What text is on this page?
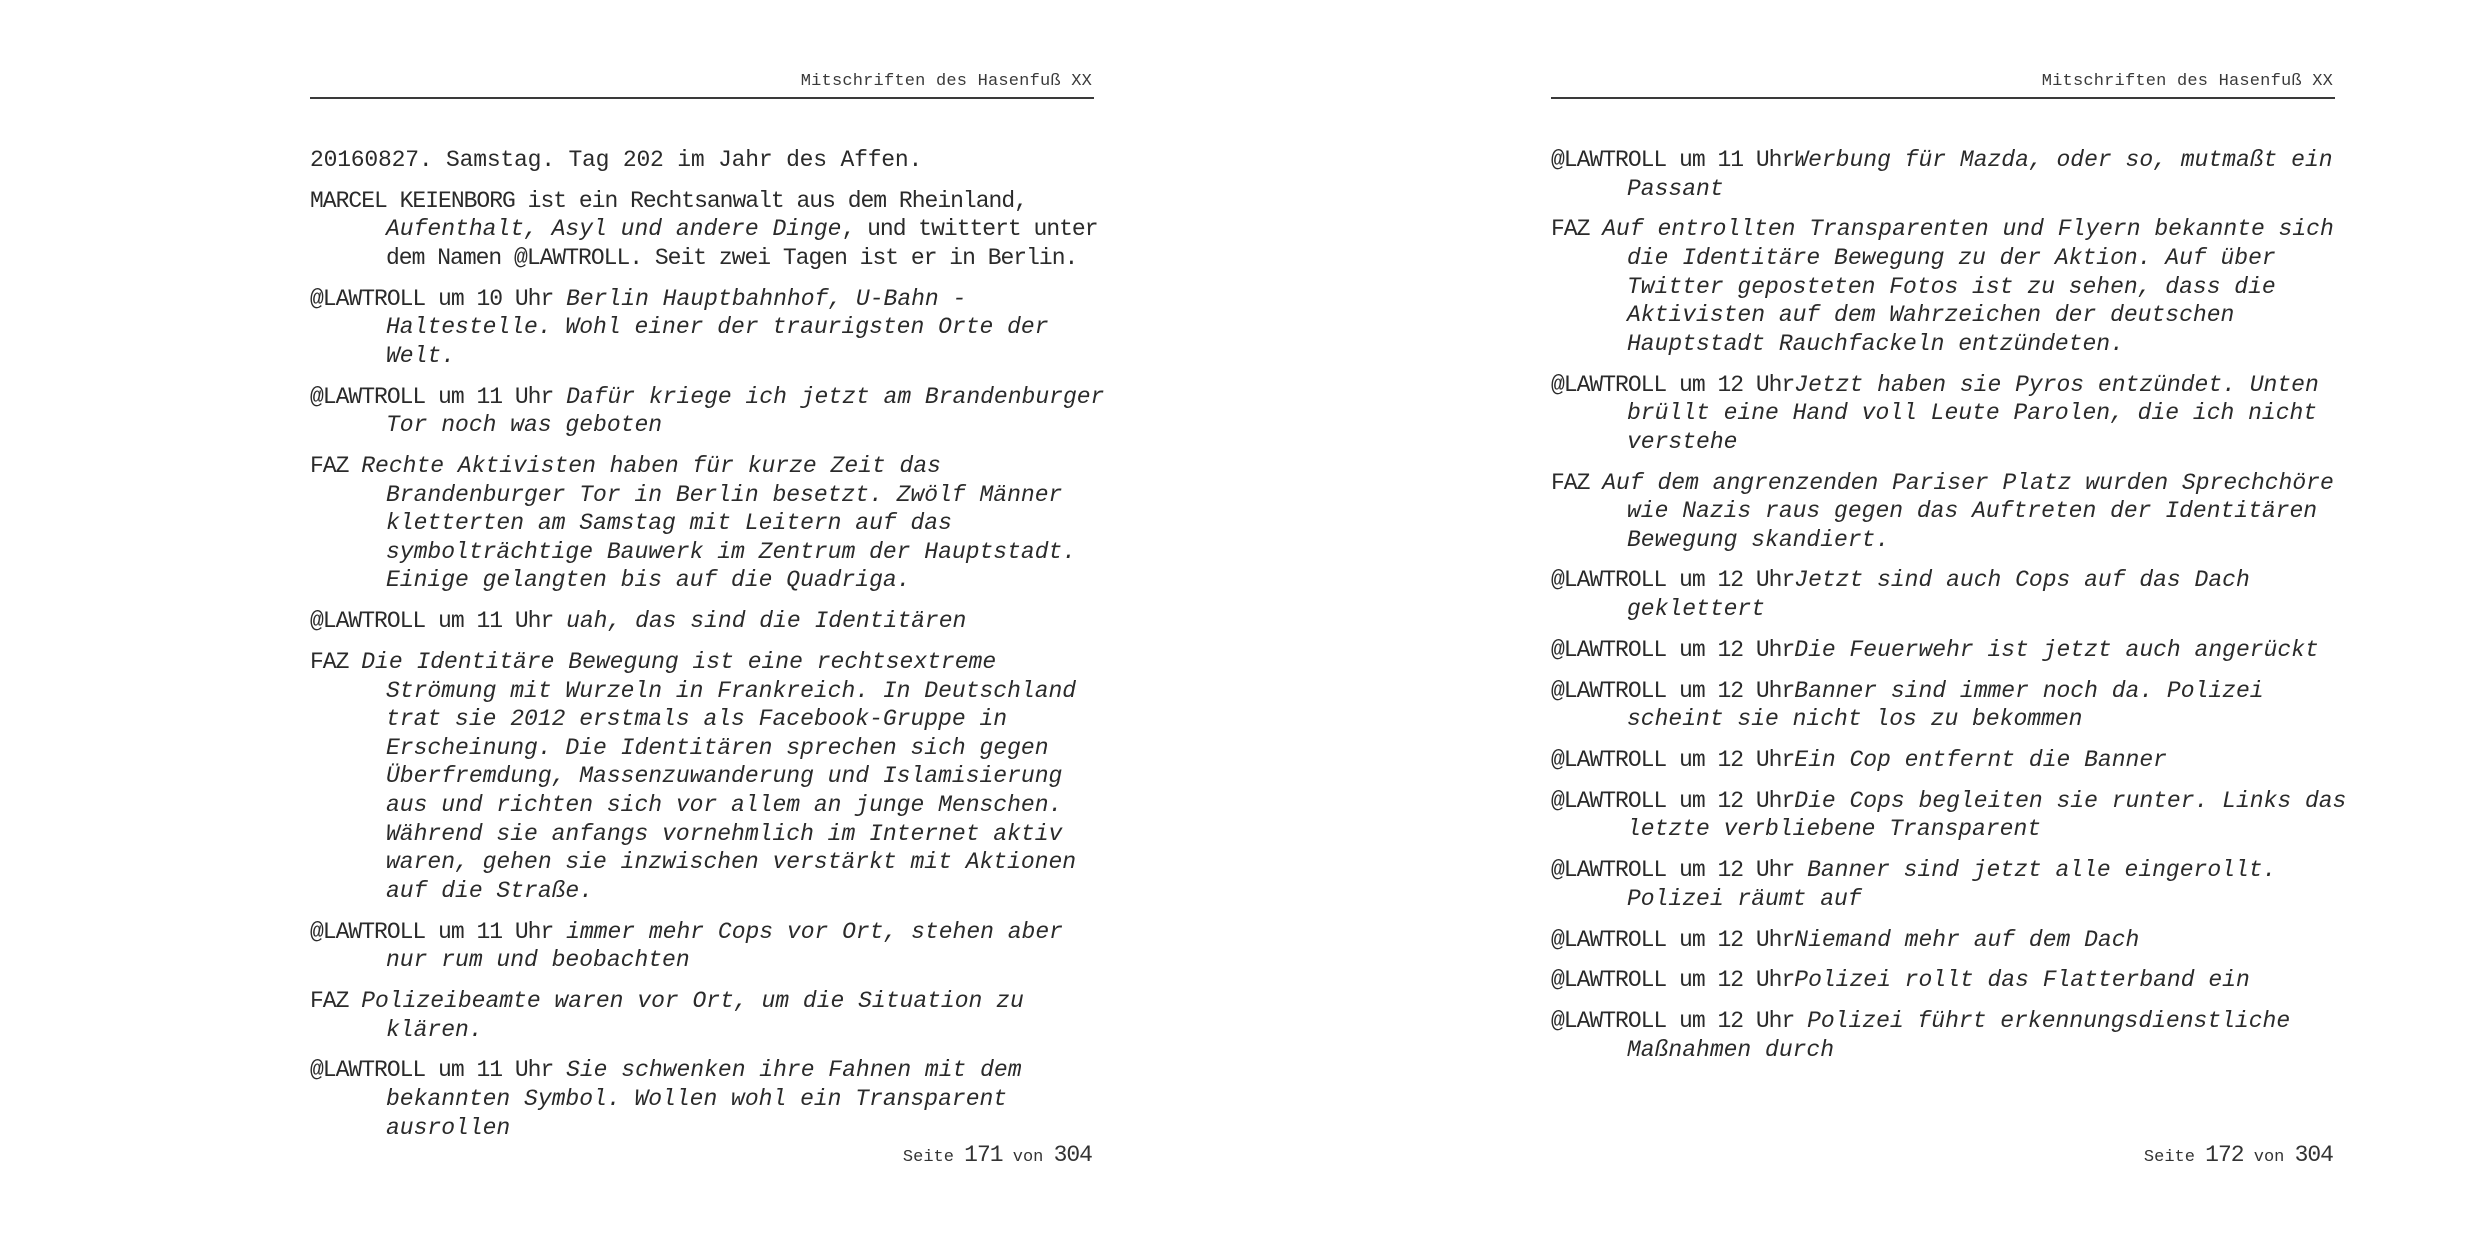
Mitschriften des Hasenfuß XX
20160827. Samstag. Tag 202 im Jahr des Affen.
MARCEL KEIENBORG ist ein Rechtsanwalt aus dem Rheinland, Aufenthalt, Asyl und andere Dinge, und twittert unter dem Namen @LAWTROLL. Seit zwei Tagen ist er in Berlin.
@LAWTROLL um 10 Uhr Berlin Hauptbahnhof, U-Bahn - Haltestelle. Wohl einer der traurigsten Orte der Welt.
@LAWTROLL um 11 Uhr Dafür kriege ich jetzt am Brandenburger Tor noch was geboten
FAZ Rechte Aktivisten haben für kurze Zeit das Brandenburger Tor in Berlin besetzt. Zwölf Männer kletterten am Samstag mit Leitern auf das symbolträchtige Bauwerk im Zentrum der Hauptstadt. Einige gelangten bis auf die Quadriga.
@LAWTROLL um 11 Uhr uah, das sind die Identitären
FAZ Die Identitäre Bewegung ist eine rechtsextreme Strömung mit Wurzeln in Frankreich. In Deutschland trat sie 2012 erstmals als Facebook-Gruppe in Erscheinung. Die Identitären sprechen sich gegen Überfremdung, Massenzuwanderung und Islamisierung aus und richten sich vor allem an junge Menschen. Während sie anfangs vornehmlich im Internet aktiv waren, gehen sie inzwischen verstärkt mit Aktionen auf die Straße.
@LAWTROLL um 11 Uhr immer mehr Cops vor Ort, stehen aber nur rum und beobachten
FAZ Polizeibeamte waren vor Ort, um die Situation zu klären.
@LAWTROLL um 11 Uhr Sie schwenken ihre Fahnen mit dem bekannten Symbol. Wollen wohl ein Transparent ausrollen
Seite 171 von 304
Mitschriften des Hasenfuß XX
@LAWTROLL um 11 UhrWerbung für Mazda, oder so, mutmaßt ein Passant
FAZ Auf entrollten Transparenten und Flyern bekannte sich die Identitäre Bewegung zu der Aktion. Auf über Twitter geposteten Fotos ist zu sehen, dass die Aktivisten auf dem Wahrzeichen der deutschen Hauptstadt Rauchfackeln entzündeten.
@LAWTROLL um 12 UhrJetzt haben sie Pyros entzündet. Unten brüllt eine Hand voll Leute Parolen, die ich nicht verstehe
FAZ Auf dem angrenzenden Pariser Platz wurden Sprechchöre wie Nazis raus gegen das Auftreten der Identitären Bewegung skandiert.
@LAWTROLL um 12 UhrJetzt sind auch Cops auf das Dach geklettert
@LAWTROLL um 12 UhrDie Feuerwehr ist jetzt auch angerückt
@LAWTROLL um 12 UhrBanner sind immer noch da. Polizei scheint sie nicht los zu bekommen
@LAWTROLL um 12 UhrEin Cop entfernt die Banner
@LAWTROLL um 12 UhrDie Cops begleiten sie runter. Links das letzte verbliebene Transparent
@LAWTROLL um 12 Uhr Banner sind jetzt alle eingerollt. Polizei räumt auf
@LAWTROLL um 12 UhrNiemand mehr auf dem Dach
@LAWTROLL um 12 UhrPolizei rollt das Flatterband ein
@LAWTROLL um 12 Uhr Polizei führt erkennungsdienstliche Maßnahmen durch
Seite 172 von 304
